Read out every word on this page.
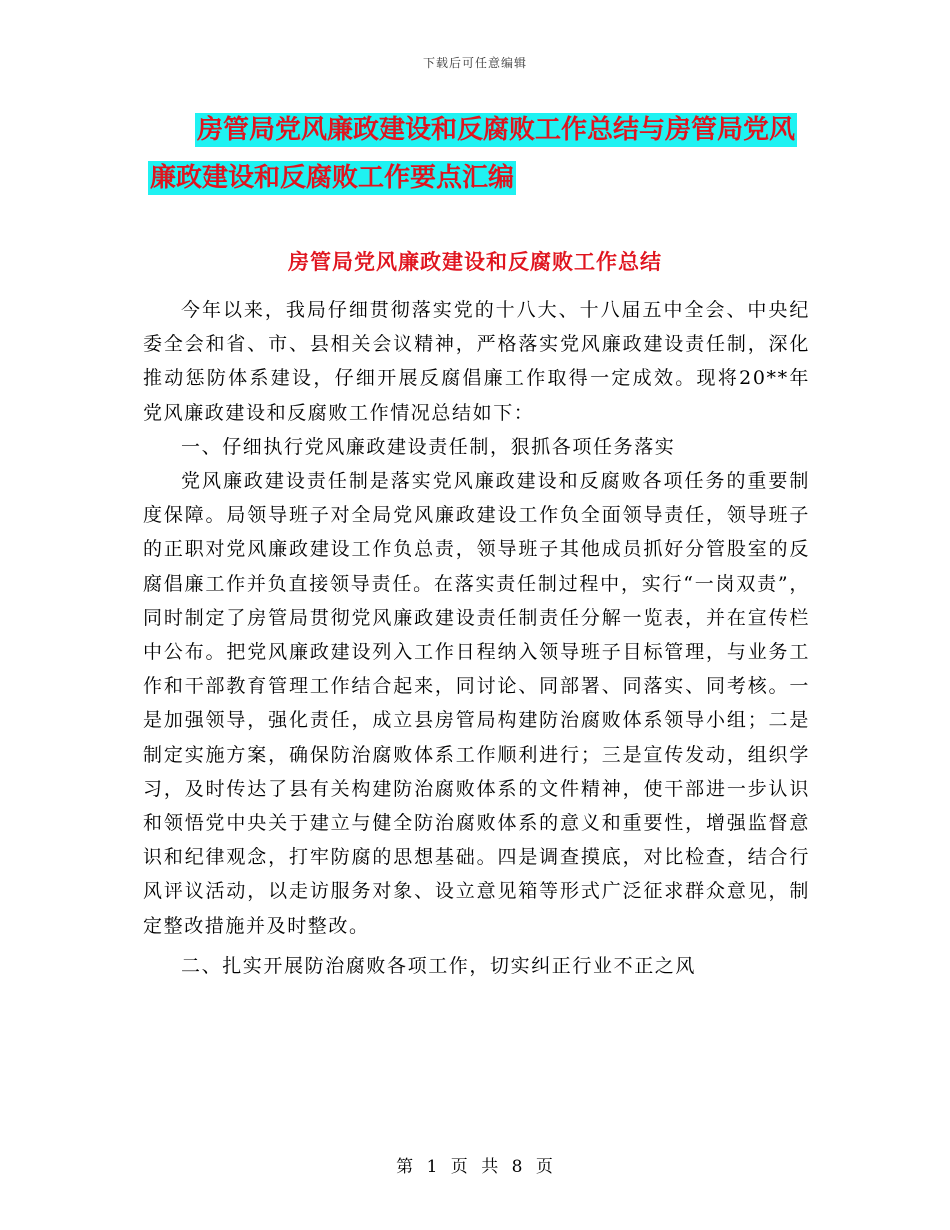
下载后可任意编辑
房管局党风廉政建设和反腐败工作总结与房管局党风
廉政建设和反腐败工作要点汇编
房管局党风廉政建设和反腐败工作总结

今年以来，我局仔细贯彻落实党的十八大、十八届五中全会、中央纪委全会和省、市、县相关会议精神，严格落实党风廉政建设责任制，深化推动惩防体系建设，仔细开展反腐倡廉工作取得一定成效。现将20**年党风廉政建设和反腐败工作情况总结如下：

一、仔细执行党风廉政建设责任制，狠抓各项任务落实

党风廉政建设责任制是落实党风廉政建设和反腐败各项任务的重要制度保障。局领导班子对全局党风廉政建设工作负全面领导责任，领导班子的正职对党风廉政建设工作负总责，领导班子其他成员抓好分管股室的反腐倡廉工作并负直接领导责任。在落实责任制过程中，实行“一岗双责”，同时制定了房管局贯彻党风廉政建设责任制责任分解一览表，并在宣传栏中公布。把党风廉政建设列入工作日程纳入领导班子目标管理，与业务工作和干部教育管理工作结合起来，同讨论、同部署、同落实、同考核。一是加强领导，强化责任，成立县房管局构建防治腐败体系领导小组；二是制定实施方案，确保防治腐败体系工作顺利进行；三是宣传发动，组织学习，及时传达了县有关构建防治腐败体系的文件精神，使干部进一步认识和领悟党中央关于建立与健全防治腐败体系的意义和重要性，增强监督意识和纪律观念，打牢防腐的思想基础。四是调查摸底，对比检查，结合行风评议活动，以走访服务对象、设立意见箱等形式广泛征求群众意见，制定整改措施并及时整改。

二、扎实开展防治腐败各项工作，切实纠正行业不正之风

第 1 页 共 8 页
